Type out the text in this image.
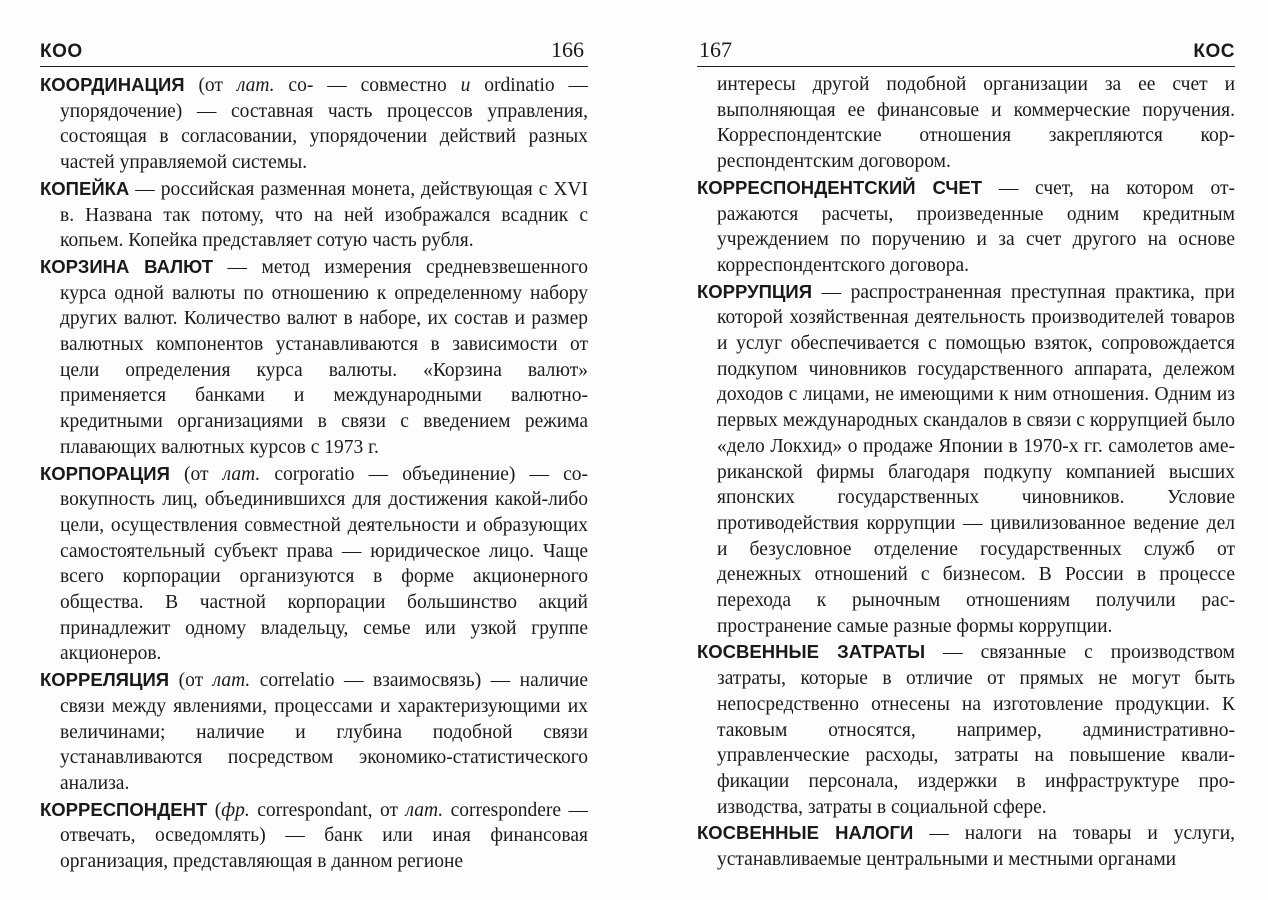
КОО	166

КООРДИНАЦИЯ (от лат. co- — совместно и ordinatio — упорядочение) — составная часть процессов управления, состоящая в согласовании, упорядочении действий разных частей управляемой системы.

КОПЕЙКА — российская разменная монета, действующая с XVI в. Названа так потому, что на ней изображался всадник с копьем. Копейка представляет сотую часть рубля.

КОРЗИНА ВАЛЮТ — метод измерения средневзвешенного курса одной валюты по отношению к определенному набору других валют. Количество валют в наборе, их состав и размер валютных компонентов устанавливаются в зависимости от цели определения курса валюты. «Корзина валют» применяется банками и международными валютно-кредитными организациями в связи с введением режима плавающих валютных курсов с 1973 г.

КОРПОРАЦИЯ (от лат. corporatio — объединение) — совокупность лиц, объединившихся для достижения какой-либо цели, осуществления совместной деятельности и образующих самостоятельный субъект права — юридическое лицо. Чаще всего корпорации организуются в форме акционерного общества. В частной корпорации большинство акций принадлежит одному владельцу, семье или узкой группе акционеров.

КОРРЕЛЯЦИЯ (от лат. correlatio — взаимосвязь) — наличие связи между явлениями, процессами и характеризующими их величинами; наличие и глубина подобной связи устанавливаются посредством экономико-статистического анализа.

КОРРЕСПОНДЕНТ (фр. correspondant, от лат. correspondere — отвечать, осведомлять) — банк или иная финансовая организация, представляющая в данном регионе

167	КОС

интересы другой подобной организации за ее счет и выполняющая ее финансовые и коммерческие поручения. Корреспондентские отношения закрепляются корреспондентским договором.

КОРРЕСПОНДЕНТСКИЙ СЧЕТ — счет, на котором отражаются расчеты, произведенные одним кредитным учреждением по поручению и за счет другого на основе корреспондентского договора.

КОРРУПЦИЯ — распространенная преступная практика, при которой хозяйственная деятельность производителей товаров и услуг обеспечивается с помощью взяток, сопровождается подкупом чиновников государственного аппарата, дележом доходов с лицами, не имеющими к ним отношения. Одним из первых международных скандалов в связи с коррупцией было «дело Локхид» о продаже Японии в 1970-х гг. самолетов американской фирмы благодаря подкупу компанией высших японских государственных чиновников. Условие противодействия коррупции — цивилизованное ведение дел и безусловное отделение государственных служб от денежных отношений с бизнесом. В России в процессе перехода к рыночным отношениям получили распространение самые разные формы коррупции.

КОСВЕННЫЕ ЗАТРАТЫ — связанные с производством затраты, которые в отличие от прямых не могут быть непосредственно отнесены на изготовление продукции. К таковым относятся, например, административно-управленческие расходы, затраты на повышение квалификации персонала, издержки в инфраструктуре производства, затраты в социальной сфере.

КОСВЕННЫЕ НАЛОГИ — налоги на товары и услуги, устанавливаемые центральными и местными органами
